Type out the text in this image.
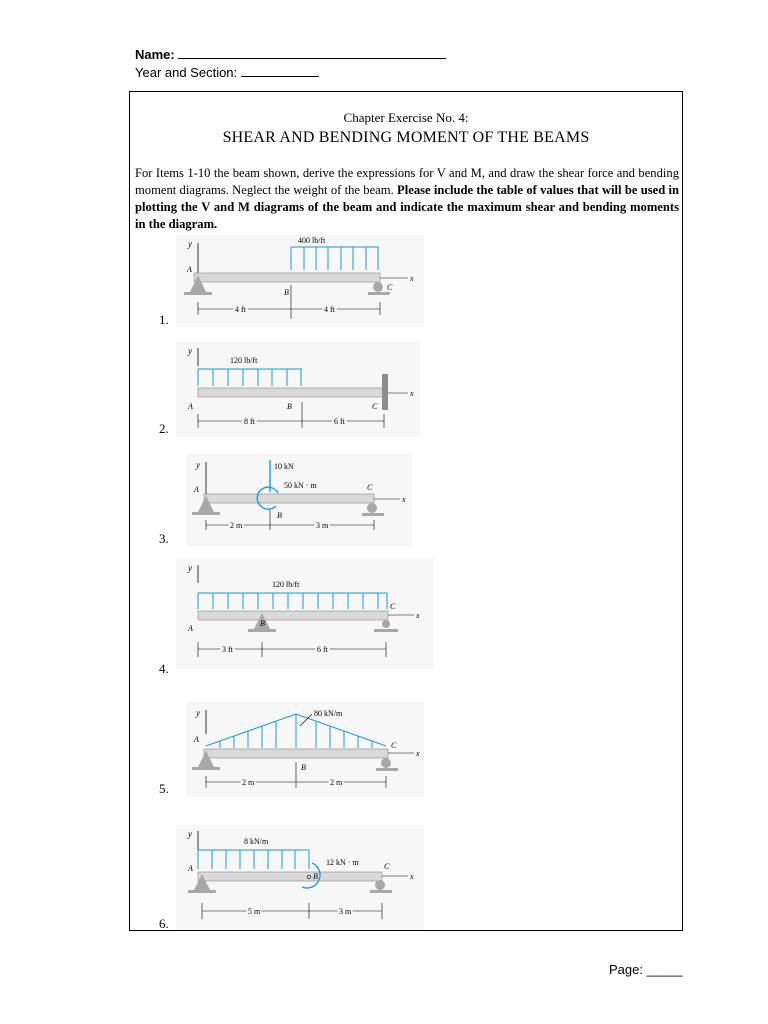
Name:
Year and Section:
Chapter Exercise No. 4:
SHEAR AND BENDING MOMENT OF THE BEAMS
For Items 1-10 the beam shown, derive the expressions for V and M, and draw the shear force and bending moment diagrams. Neglect the weight of the beam. Please include the table of values that will be used in plotting the V and M diagrams of the beam and indicate the maximum shear and bending moments in the diagram.
1.
y
A
x
C
B
400 lb/ft
4 ft	4 ft
2.
y
120 lb/ft
x
A	B	C
8 ft	6 ft
3.
y
A
x
C
10 kN
50 kN · m
B
2 m	3 m
4.
y
120 lb/ft
B
C
x
A
3 ft	6 ft
5.
y	80 kN/m
A
C
x
B
2 m	2 m
6.
y
8 kN/m
A	C
x
12 kN · m
B
5 m	3 m
Page: _____
